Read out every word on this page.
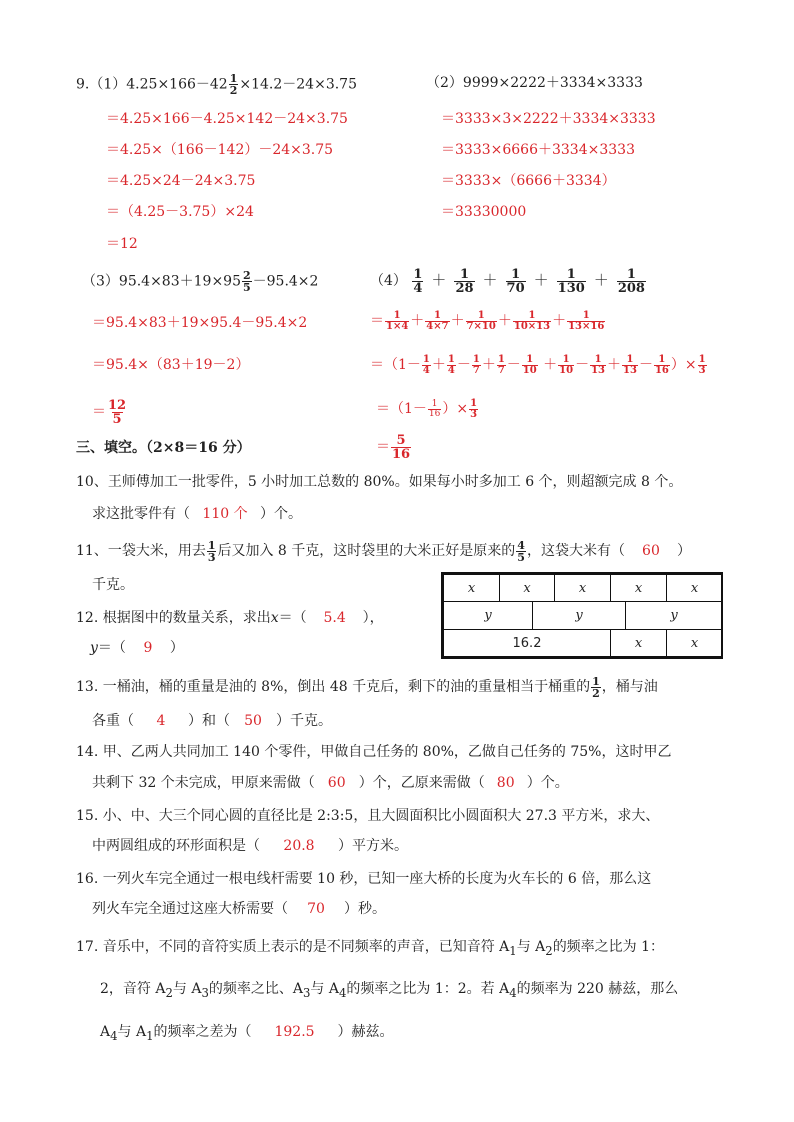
$9.(1)4.25\times 166-42 \frac{1}{2} \times 14.2-24\times 3.75$
＝4.25×166－4.25×142－24×3.75
＝4.25×（166－142）－24×3.75
＝4.25×24－24×3.75
＝（4.25－3.75）×24
＝12
（2）9999×2222＋3334×3333
＝3333×3×2222＋3334×3333
＝3333×6666＋3334×3333
＝3333×（6666＋3334）
＝33330000
$(3)95.4\times 83+19\times 95 \frac{2}{5} -95.4\times 2$
＝95.4×83＋19×95.4－95.4×2
＝95.4×（83＋19－2）
＝ $\frac{12}{5}$
$(4) \frac{1}{4} + \frac{1}{28} + \frac{1}{70} + \frac{1}{130} + \frac{1}{208}$
＝ $\frac{1}{1\times 4} + \frac{1}{4\times 7} + \frac{1}{7\times 10} + \frac{1}{10\times 13} + \frac{1}{13\times 16}$
$=(1- \frac{1}{4} + \frac{1}{4} - \frac{1}{7} + \frac{1}{7} - \frac{1}{10} + \frac{1}{10} - \frac{1}{13} + \frac{1}{13} - \frac{1}{16}$ ）× $\frac{1}{3}$
$=(1- \frac{1}{16}$ ）× $\frac{1}{3}$
＝ $\frac{5}{16}$
三、填空。（2×8＝16 分）
10、王师傅加工一批零件，5 小时加工总数的 80%。如果每小时多加工 6 个，则超额完成 8 个。
求这批零件有（ 110 个 ）个。
11、一袋大米，用去 $\frac{1}{3}$ 后又加入 8 千克，这时袋里的大米正好是原来的 $\frac{4}{5}$ ，这袋大米有（ 60 ）
千克。
12. 根据图中的数量关系，求出x＝（ 5.4 ），
y＝（ 9 ）
x	x	x	x	x
y	y	y
16.2	x	x
13. 一桶油，桶的重量是油的 8%，倒出 48 千克后，剩下的油的重量相当于桶重的 $\frac{1}{2}$ ，桶与油
各重（ 4 ）和（ 50 ）千克。
14. 甲、乙两人共同加工 140 个零件，甲做自己任务的 80%，乙做自己任务的 75%，这时甲乙
共剩下 32 个未完成，甲原来需做（ 60 ）个，乙原来需做（ 80 ）个。
15. 小、中、大三个同心圆的直径比是 2:3:5，且大圆面积比小圆面积大 27.3 平方米，求大、
中两圆组成的环形面积是（ 20.8 ）平方米。
16. 一列火车完全通过一根电线杆需要 10 秒，已知一座大桥的长度为火车长的 6 倍，那么这
列火车完全通过这座大桥需要（ 70 ）秒。
17. 音乐中，不同的音符实质上表示的是不同频率的声音，已知音符 $A_1$与 $A_2$的频率之比为 1：
2，音符 $A_2$与 $A_3$的频率之比、$A_3$与 $A_4$的频率之比为 1：2。若 $A_4$的频率为 220 赫兹，那么
$A_4$与 $A_1$的频率之差为（ 192.5 ）赫兹。
